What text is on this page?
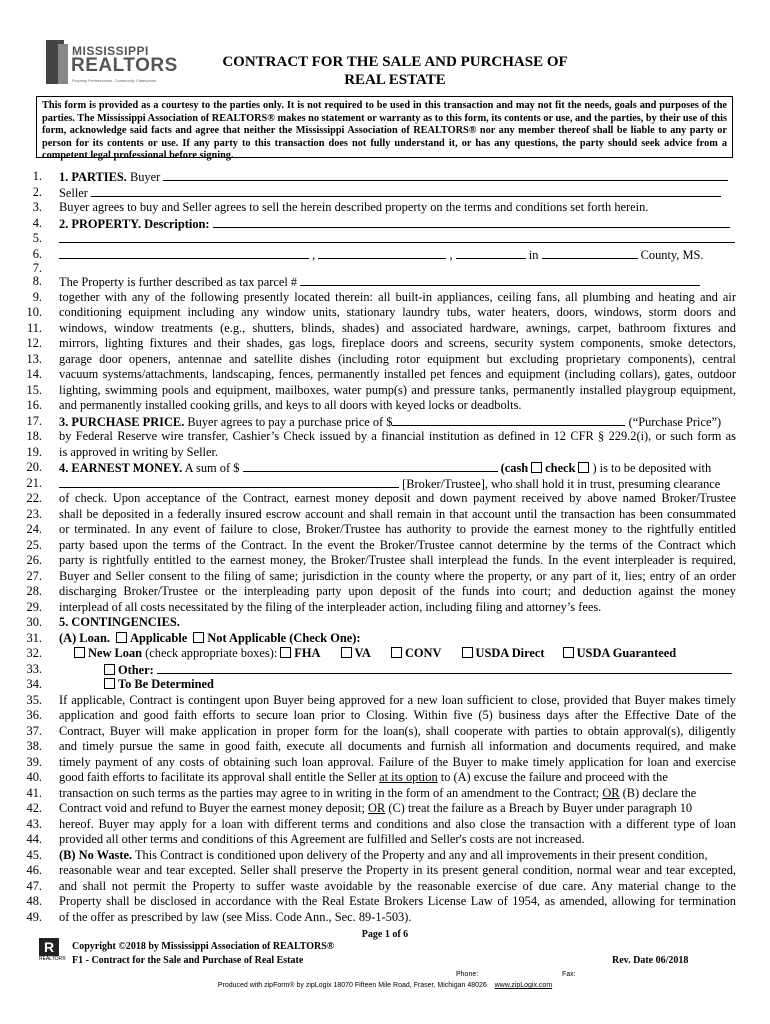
MISSISSIPPI
REALTORS
Property Professionals. Community Champions.
CONTRACT FOR THE SALE AND PURCHASE OF
REAL ESTATE
This form is provided as a courtesy to the parties only. It is not required to be used in this transaction and may not fit the needs, goals and purposes of the parties. The Mississippi Association of REALTORS® makes no statement or warranty as to this form, its contents or use, and the parties, by their use of this form, acknowledge said facts and agree that neither the Mississippi Association of REALTORS® nor any member thereof shall be liable to any party or person for its contents or use. If any party to this transaction does not fully understand it, or has any questions, the party should seek advice from a competent legal professional before signing.
1. 1. PARTIES. Buyer
2. Seller
3. Buyer agrees to buy and Seller agrees to sell the herein described property on the terms and conditions set forth herein.
4. 2. PROPERTY. Description:
5.
6.	,	,	in	County, MS.
7.
8. The Property is further described as tax parcel #
9. together with any of the following presently located therein: all built-in appliances, ceiling fans, all plumbing and heating and air
10. conditioning equipment including any window units, stationary laundry tubs, water heaters, doors, windows, storm doors and
11. windows, window treatments (e.g., shutters, blinds, shades) and associated hardware, awnings, carpet, bathroom fixtures and
12. mirrors, lighting fixtures and their shades, gas logs, fireplace doors and screens, security system components, smoke detectors,
13. garage door openers, antennae and satellite dishes (including rotor equipment but excluding proprietary components), central
14. vacuum systems/attachments, landscaping, fences, permanently installed pet fences and equipment (including collars), gates, outdoor
15. lighting, swimming pools and equipment, mailboxes, water pump(s) and pressure tanks, permanently installed playgroup equipment,
16. and permanently installed cooking grills, and keys to all doors with keyed locks or deadbolts.
17. 3. PURCHASE PRICE. Buyer agrees to pay a purchase price of $	(“Purchase Price”)
18. by Federal Reserve wire transfer, Cashier’s Check issued by a financial institution as defined in 12 CFR § 229.2(i), or such form as
19. is approved in writing by Seller.
20. 4. EARNEST MONEY. A sum of $	(cash check ) is to be deposited with
21.	[Broker/Trustee], who shall hold it in trust, presuming clearance
22. of check. Upon acceptance of the Contract, earnest money deposit and down payment received by above named Broker/Trustee
23. shall be deposited in a federally insured escrow account and shall remain in that account until the transaction has been consummated
24. or terminated. In any event of failure to close, Broker/Trustee has authority to provide the earnest money to the rightfully entitled
25. party based upon the terms of the Contract. In the event the Broker/Trustee cannot determine by the terms of the Contract which
26. party is rightfully entitled to the earnest money, the Broker/Trustee shall interplead the funds. In the event interpleader is required,
27. Buyer and Seller consent to the filing of same; jurisdiction in the county where the property, or any part of it, lies; entry of an order
28. discharging Broker/Trustee or the interpleading party upon deposit of the funds into court; and deduction against the money
29. interplead of all costs necessitated by the filing of the interpleader action, including filing and attorney’s fees.
30. 5. CONTINGENCIES.
31. (A) Loan. Applicable Not Applicable (Check One):
32.	New Loan (check appropriate boxes): FHA	VA	CONV	USDA Direct	USDA Guaranteed
33.	Other:
34.	To Be Determined
35. If applicable, Contract is contingent upon Buyer being approved for a new loan sufficient to close, provided that Buyer makes timely
36. application and good faith efforts to secure loan prior to Closing. Within five (5) business days after the Effective Date of the
37. Contract, Buyer will make application in proper form for the loan(s), shall cooperate with parties to obtain approval(s), diligently
38. and timely pursue the same in good faith, execute all documents and furnish all information and documents required, and make
39. timely payment of any costs of obtaining such loan approval. Failure of the Buyer to make timely application for loan and exercise
40. good faith efforts to facilitate its approval shall entitle the Seller at its option to (A) excuse the failure and proceed with the
41. transaction on such terms as the parties may agree to in writing in the form of an amendment to the Contract; OR (B) declare the
42. Contract void and refund to Buyer the earnest money deposit; OR (C) treat the failure as a Breach by Buyer under paragraph 10
43. hereof. Buyer may apply for a loan with different terms and conditions and also close the transaction with a different type of loan
44. provided all other terms and conditions of this Agreement are fulfilled and Seller's costs are not increased.
45. (B) No Waste. This Contract is conditioned upon delivery of the Property and any and all improvements in their present condition,
46. reasonable wear and tear excepted. Seller shall preserve the Property in its present general condition, normal wear and tear excepted,
47. and shall not permit the Property to suffer waste avoidable by the reasonable exercise of due care. Any material change to the
48. Property shall be disclosed in accordance with the Real Estate Brokers License Law of 1954, as amended, allowing for termination
49. of the offer as prescribed by law (see Miss. Code Ann., Sec. 89-1-503).
Page 1 of 6
R
REALTOR®
Copyright ©2018 by Mississippi Association of REALTORS®
F1 - Contract for the Sale and Purchase of Real Estate	Rev. Date 06/2018
Phone:	Fax:
Produced with zipForm® by zipLogix 18070 Fifteen Mile Road, Fraser, Michigan 48026 www.zipLogix.com
